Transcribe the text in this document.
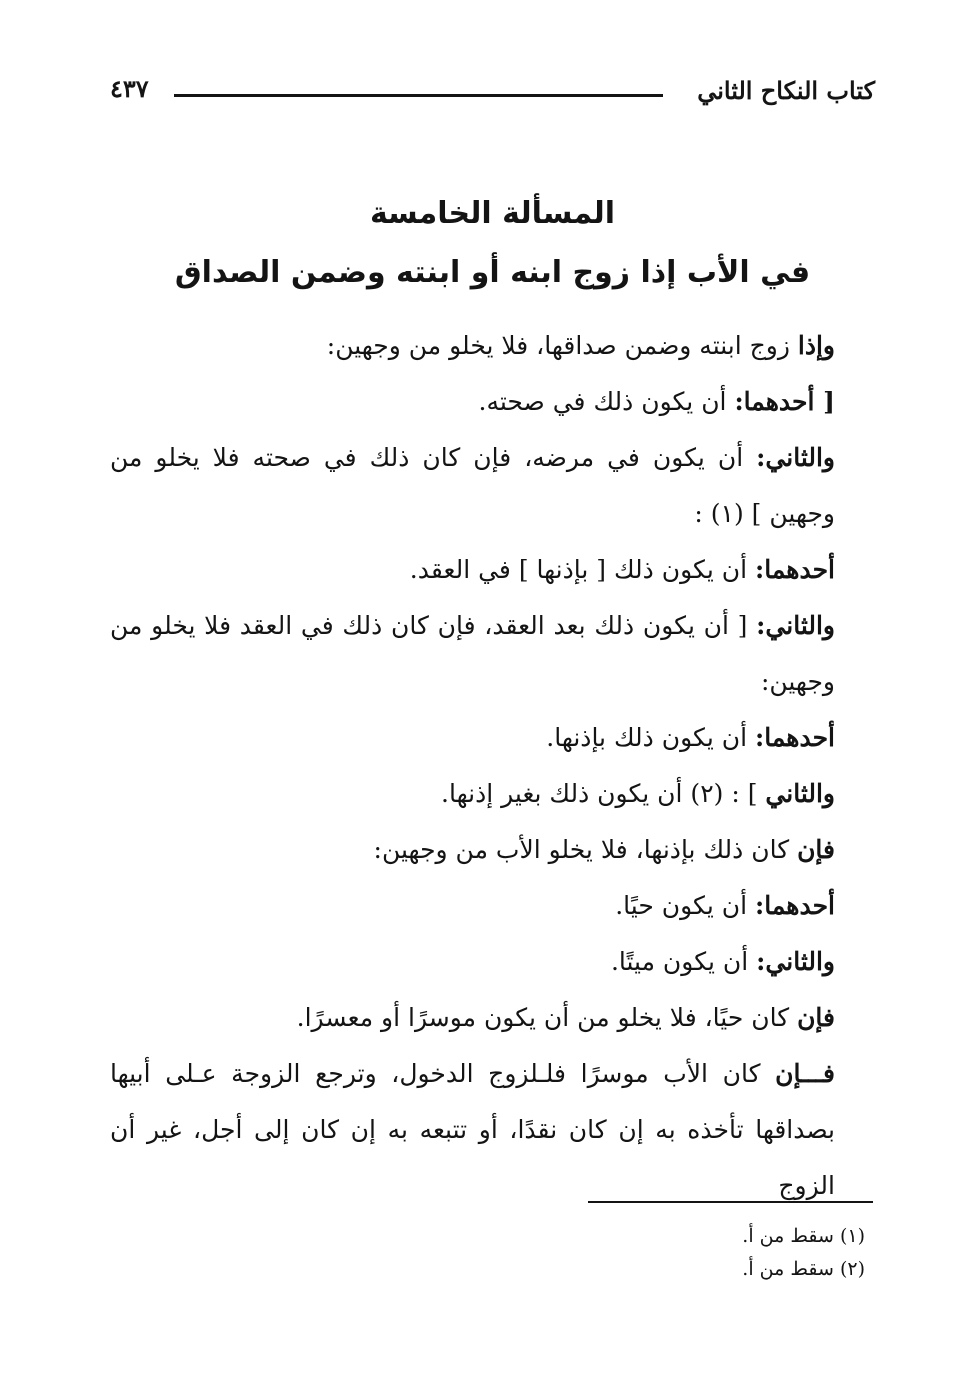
كتاب النكاح الثاني
٤٣٧
المسألة الخامسة
في الأب إذا زوج ابنه أو ابنته وضمن الصداق

وإذا زوج ابنته وضمن صداقها، فلا يخلو من وجهين:

[ أحدهما: أن يكون ذلك في صحته.

والثاني: أن يكون في مرضه، فإن كان ذلك في صحته فلا يخلو من وجهين ] (١) :

أحدهما: أن يكون ذلك [ بإذنها ] في العقد.

والثاني: [ أن يكون ذلك بعد العقد، فإن كان ذلك في العقد فلا يخلو من وجهين:

أحدهما: أن يكون ذلك بإذنها.

والثاني ] : (٢) أن يكون ذلك بغير إذنها.

فإن كان ذلك بإذنها، فلا يخلو الأب من وجهين:

أحدهما: أن يكون حيًا.

والثاني: أن يكون ميتًا.

فإن كان حيًا، فلا يخلو من أن يكون موسرًا أو معسرًا.

فـــإن كان الأب موسرًا فلـلزوج الدخول، وترجع الزوجة عـلى أبيها بصداقها تأخذه به إن كان نقدًا، أو تتبعه به إن كان إلى أجل، غير أن الزوج

(١) سقط من أ.

(٢) سقط من أ.
